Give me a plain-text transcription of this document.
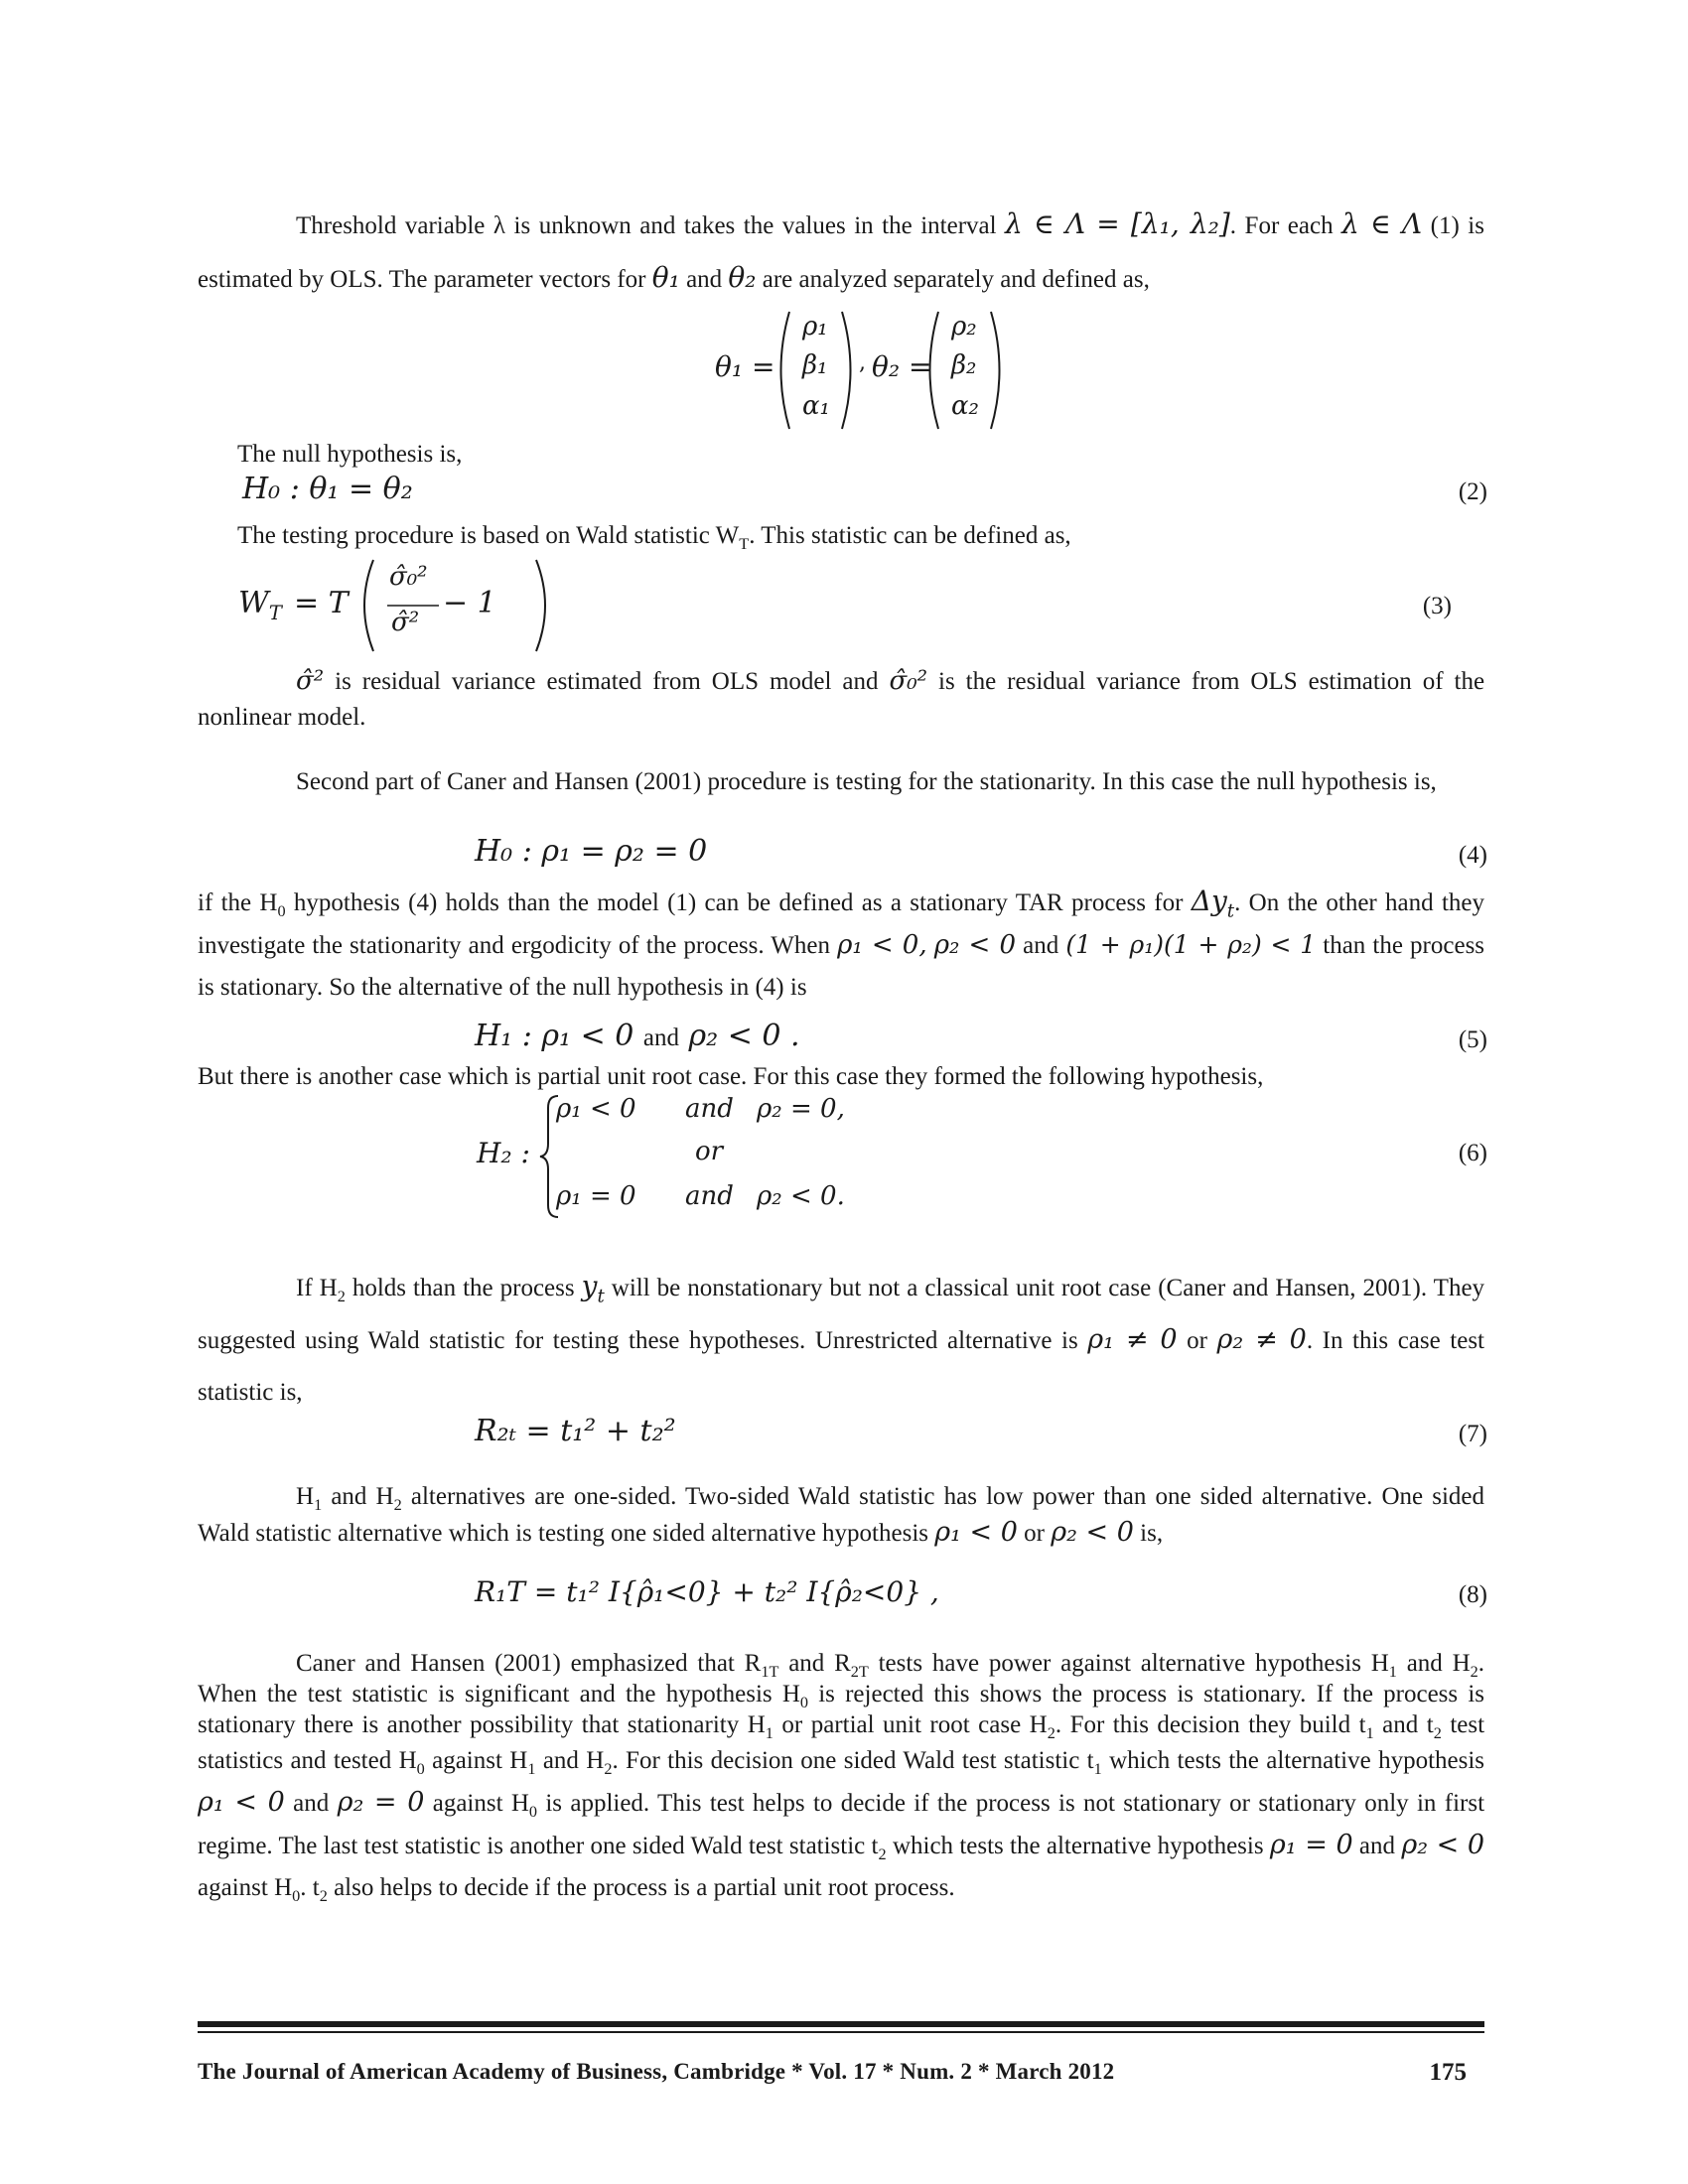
Threshold variable λ is unknown and takes the values in the interval λ ∈ Λ = [λ₁, λ₂]. For each λ ∈ Λ (1) is estimated by OLS. The parameter vectors for θ₁ and θ₂ are analyzed separately and defined as,
θ₁ =
ρ₁
β₁
α₁
, θ₂ =
ρ₂
β₂
α₂
The null hypothesis is,
H₀ : θ₁ = θ₂	(2)
The testing procedure is based on Wald statistic $W_T$. This statistic can be defined as,
$W_T = T$
σ̂₀²
σ̂²
− 1	(3)
σ̂² is residual variance estimated from OLS model and σ̂₀² is the residual variance from OLS estimation of the nonlinear model.
Second part of Caner and Hansen (2001) procedure is testing for the stationarity. In this case the null hypothesis is,
H₀ : ρ₁ = ρ₂ = 0	(4)
if the $H_0$ hypothesis (4) holds than the model (1) can be defined as a stationary TAR process for $\Delta y_t$. On the other hand they investigate the stationarity and ergodicity of the process. When ρ₁ < 0, ρ₂ < 0 and (1 + ρ₁)(1 + ρ₂) < 1 than the process is stationary. So the alternative of the null hypothesis in (4) is
H₁ : ρ₁ < 0 and ρ₂ < 0 .	(5)
But there is another case which is partial unit root case. For this case they formed the following hypothesis,
H₂ :
ρ₁ < 0 and ρ₂ = 0,
or
ρ₁ = 0 and ρ₂ < 0.
(6)
If $H_2$ holds than the process $y_t$ will be nonstationary but not a classical unit root case (Caner and Hansen, 2001). They suggested using Wald statistic for testing these hypotheses. Unrestricted alternative is ρ₁ ≠ 0 or ρ₂ ≠ 0. In this case test statistic is,
R₂ₜ = t₁² + t₂²	(7)
$H_1$ and $H_2$ alternatives are one-sided. Two-sided Wald statistic has low power than one sided alternative. One sided Wald statistic alternative which is testing one sided alternative hypothesis ρ₁ < 0 or ρ₂ < 0 is,
R₁T = t₁² I{ρ̂₁<0} + t₂² I{ρ̂₂<0} ,	(8)
Caner and Hansen (2001) emphasized that $R_{1T}$ and $R_{2T}$ tests have power against alternative hypothesis $H_1$ and $H_2$. When the test statistic is significant and the hypothesis $H_0$ is rejected this shows the process is stationary. If the process is stationary there is another possibility that stationarity $H_1$ or partial unit root case $H_2$. For this decision they build $t_1$ and $t_2$ test statistics and tested $H_0$ against $H_1$ and $H_2$. For this decision one sided Wald test statistic $t_1$ which tests the alternative hypothesis ρ₁ < 0 and ρ₂ = 0 against $H_0$ is applied. This test helps to decide if the process is not stationary or stationary only in first regime. The last test statistic is another one sided Wald test statistic $t_2$ which tests the alternative hypothesis ρ₁ = 0 and ρ₂ < 0 against $H_0$. $t_2$ also helps to decide if the process is a partial unit root process.
The Journal of American Academy of Business, Cambridge * Vol. 17 * Num. 2 * March 2012	175
